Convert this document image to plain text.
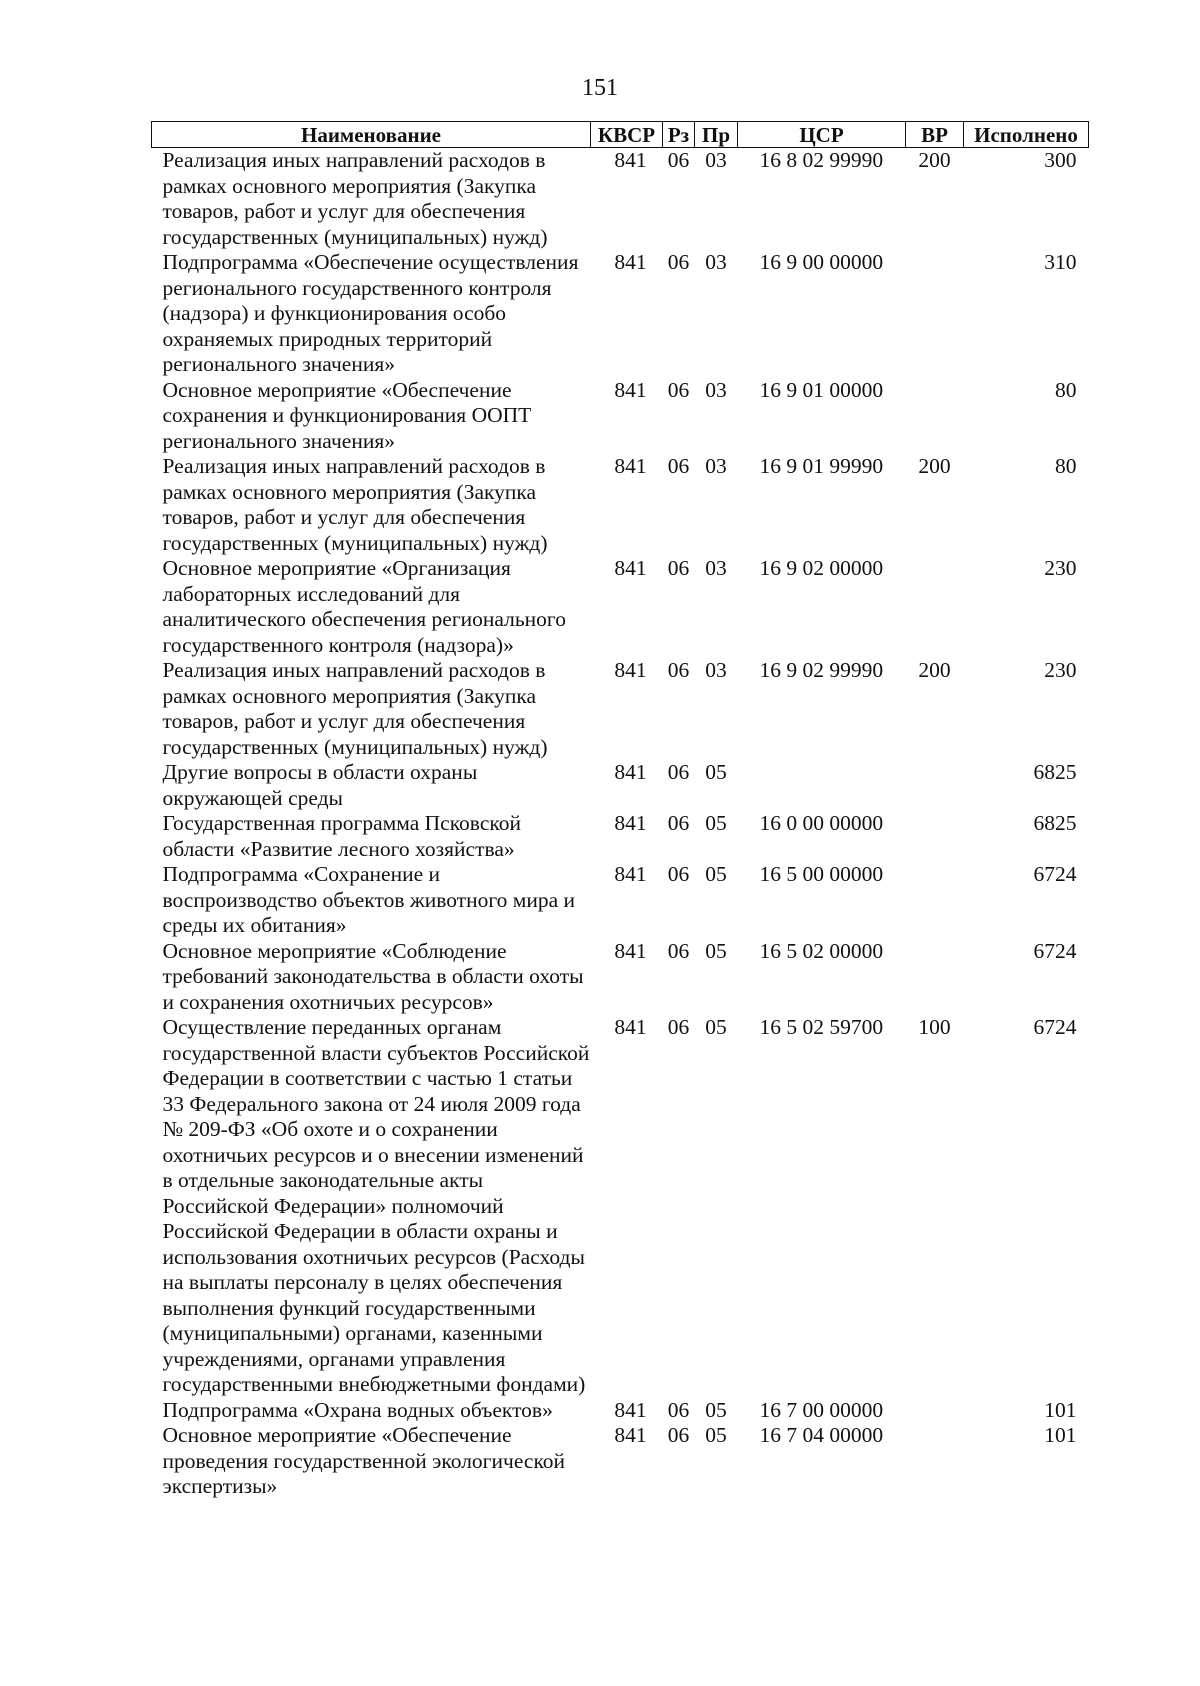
151
Наименование	КВСР	Рз	Пр	ЦСР	ВР	Исполнено
Реализация иных направлений расходов в рамках основного мероприятия (Закупка товаров, работ и услуг для обеспечения государственных (муниципальных) нужд)	841	06	03	16 8 02 99990	200	300
Подпрограмма «Обеспечение осуществления регионального государственного контроля (надзора) и функционирования особо охраняемых природных территорий регионального значения»	841	06	03	16 9 00 00000		310
Основное мероприятие «Обеспечение сохранения и функционирования ООПТ регионального значения»	841	06	03	16 9 01 00000		80
Реализация иных направлений расходов в рамках основного мероприятия (Закупка товаров, работ и услуг для обеспечения государственных (муниципальных) нужд)	841	06	03	16 9 01 99990	200	80
Основное мероприятие «Организация лабораторных исследований для аналитического обеспечения регионального государственного контроля (надзора)»	841	06	03	16 9 02 00000		230
Реализация иных направлений расходов в рамках основного мероприятия (Закупка товаров, работ и услуг для обеспечения государственных (муниципальных) нужд)	841	06	03	16 9 02 99990	200	230
Другие вопросы в области охраны окружающей среды	841	06	05			6825
Государственная программа Псковской области «Развитие лесного хозяйства»	841	06	05	16 0 00 00000		6825
Подпрограмма «Сохранение и воспроизводство объектов животного мира и среды их обитания»	841	06	05	16 5 00 00000		6724
Основное мероприятие «Соблюдение требований законодательства в области охоты и сохранения охотничьих ресурсов»	841	06	05	16 5 02 00000		6724
Осуществление переданных органам государственной власти субъектов Российской Федерации в соответствии с частью 1 статьи 33 Федерального закона от 24 июля 2009 года № 209-ФЗ «Об охоте и о сохранении охотничьих ресурсов и о внесении изменений в отдельные законодательные акты Российской Федерации» полномочий Российской Федерации в области охраны и использования охотничьих ресурсов (Расходы на выплаты персоналу в целях обеспечения выполнения функций государственными (муниципальными) органами, казенными учреждениями, органами управления государственными внебюджетными фондами)	841	06	05	16 5 02 59700	100	6724
Подпрограмма «Охрана водных объектов»	841	06	05	16 7 00 00000		101
Основное мероприятие «Обеспечение проведения государственной экологической экспертизы»	841	06	05	16 7 04 00000		101
